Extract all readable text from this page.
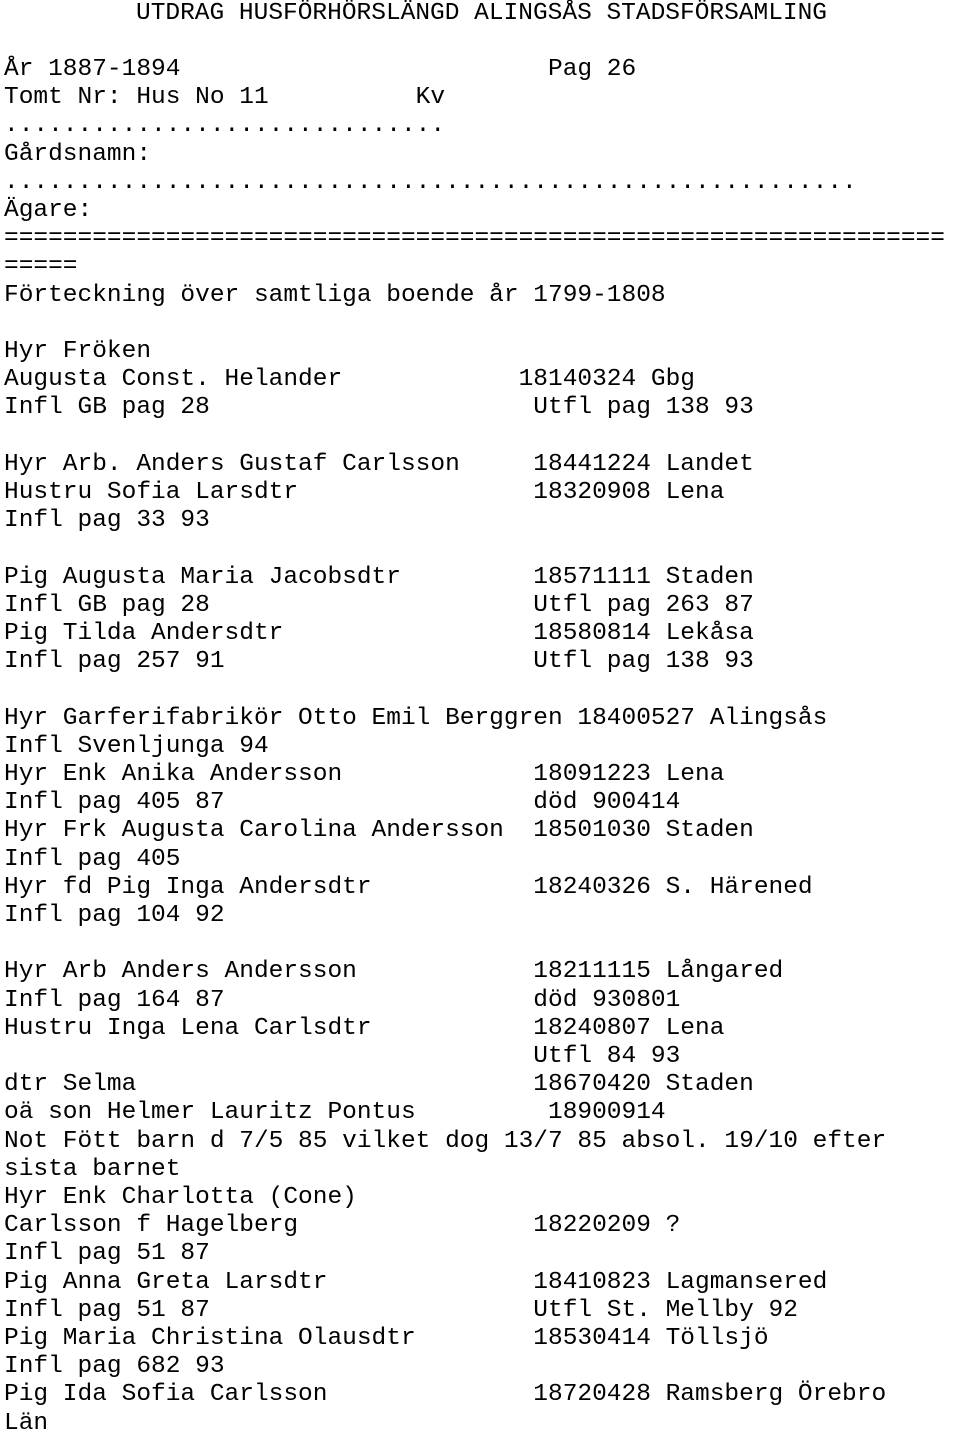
UTDRAG HUSFÖRHÖRSLÄNGD ALINGSÅS STADSFÖRSAMLING
År 1887-1894                         Pag 26
Tomt Nr: Hus No 11          Kv
..............................
Gårdsnamn:
..........................................................
Ägare:
================================================================
=====
Förteckning över samtliga boende år 1799-1808
Hyr Fröken
Augusta Const. Helander            18140324 Gbg
Infl GB pag 28                      Utfl pag 138 93
Hyr Arb. Anders Gustaf Carlsson     18441224 Landet
Hustru Sofia Larsdtr                18320908 Lena
Infl pag 33 93
Pig Augusta Maria Jacobsdtr         18571111 Staden
Infl GB pag 28                      Utfl pag 263 87
Pig Tilda Andersdtr                 18580814 Lekåsa
Infl pag 257 91                     Utfl pag 138 93
Hyr Garferifabrikör Otto Emil Berggren 18400527 Alingsås
Infl Svenljunga 94
Hyr Enk Anika Andersson             18091223 Lena
Infl pag 405 87                     död 900414
Hyr Frk Augusta Carolina Andersson  18501030 Staden
Infl pag 405
Hyr fd Pig Inga Andersdtr           18240326 S. Härened
Infl pag 104 92
Hyr Arb Anders Andersson            18211115 Långared
Infl pag 164 87                     död 930801
Hustru Inga Lena Carlsdtr           18240807 Lena
Utfl 84 93
dtr Selma                           18670420 Staden
oä son Helmer Lauritz Pontus         18900914
Not Fött barn d 7/5 85 vilket dog 13/7 85 absol. 19/10 efter
sista barnet
Hyr Enk Charlotta (Cone)
Carlsson f Hagelberg                18220209 ?
Infl pag 51 87
Pig Anna Greta Larsdtr              18410823 Lagmansered
Infl pag 51 87                      Utfl St. Mellby 92
Pig Maria Christina Olausdtr        18530414 Töllsjö
Infl pag 682 93
Pig Ida Sofia Carlsson              18720428 Ramsberg Örebro
Län
